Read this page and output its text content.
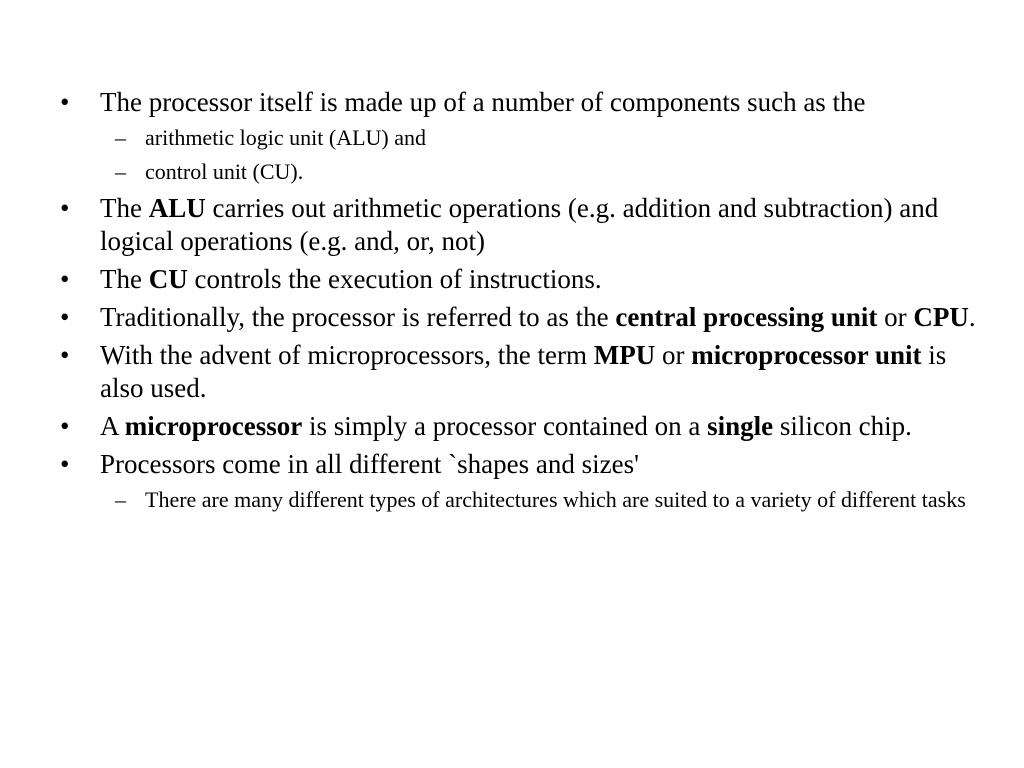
• The processor itself is made up of a number of components such as the
– arithmetic logic unit (ALU) and
– control unit (CU).
• The ALU carries out arithmetic operations (e.g. addition and subtraction) and logical operations (e.g. and, or, not)
• The CU controls the execution of instructions.
• Traditionally, the processor is referred to as the central processing unit or CPU.
• With the advent of microprocessors, the term MPU or microprocessor unit is also used.
• A microprocessor is simply a processor contained on a single silicon chip.
• Processors come in all different `shapes and sizes'
– There are many different types of architectures which are suited to a variety of different tasks
